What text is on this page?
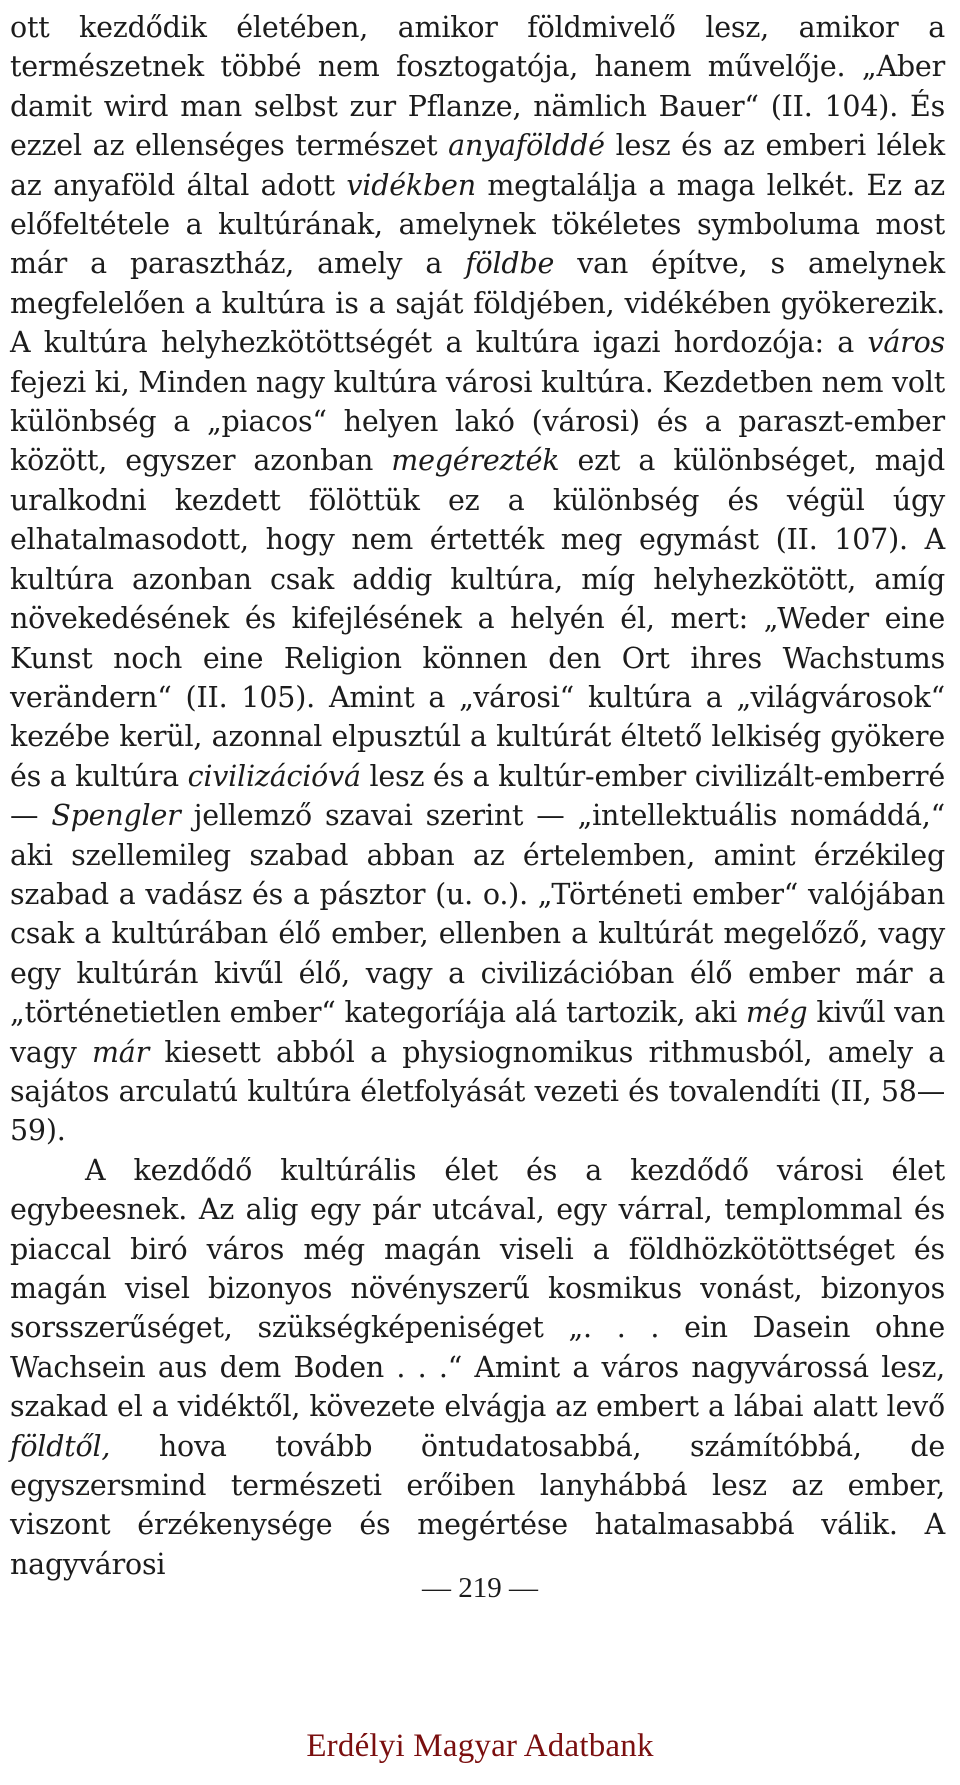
ott kezdődik életében, amikor földmivelő lesz, amikor a természetnek többé nem fosztogatója, hanem művelője. „Aber damit wird man selbst zur Pflanze, nämlich Bauer“ (II. 104). És ezzel az ellenséges természet anyafölddé lesz és az emberi lélek az anyaföld által adott vidékben megtalálja a maga lelkét. Ez az előfeltétele a kultúrának, amelynek tökéletes symboluma most már a parasztház, amely a földbe van építve, s amelynek megfelelően a kultúra is a saját földjében, vidékében gyökerezik. A kultúra helyhezkötöttségét a kultúra igazi hordozója: a város fejezi ki, Minden nagy kultúra városi kultúra. Kezdetben nem volt különbség a „piacos“ helyen lakó (városi) és a paraszt-ember között, egyszer azonban megérezték ezt a különbséget, majd uralkodni kezdett fölöttük ez a különbség és végül úgy elhatalmasodott, hogy nem értették meg egymást (II. 107). A kultúra azonban csak addig kultúra, míg helyhezkötött, amíg növekedésének és kifejlésének a helyén él, mert: „Weder eine Kunst noch eine Religion können den Ort ihres Wachstums verändern“ (II. 105). Amint a „városi“ kultúra a „világvárosok“ kezébe kerül, azonnal elpusztúl a kultúrát éltető lelkiség gyökere és a kultúra civilizációvá lesz és a kultúr-ember civilizált-emberré — Spengler jellemző szavai szerint — „intellektuális nomáddá,“ aki szellemileg szabad abban az értelemben, amint érzékileg szabad a vadász és a pásztor (u. o.). „Történeti ember“ valójában csak a kultúrában élő ember, ellenben a kultúrát megelőző, vagy egy kultúrán kivűl élő, vagy a civilizációban élő ember már a „történetietlen ember“ kategoríája alá tartozik, aki még kivűl van vagy már kiesett abból a physiognomikus rithmusból, amely a sajátos arculatú kultúra életfolyását vezeti és tovalendíti (II, 58—59).

A kezdődő kultúrális élet és a kezdődő városi élet egybeesnek. Az alig egy pár utcával, egy várral, templommal és piaccal biró város még magán viseli a földhözkötöttséget és magán visel bizonyos növényszerű kosmikus vonást, bizonyos sorsszerűséget, szükségképeniséget „. . . ein Dasein ohne Wachsein aus dem Boden . . .“ Amint a város nagyvárossá lesz, szakad el a vidéktől, kövezete elvágja az embert a lábai alatt levő földtől, hova tovább öntudatosabbá, számítóbbá, de egyszersmind természeti erőiben lanyhábbá lesz az ember, viszont érzékenysége és megértése hatalmasabbá válik. A nagyvárosi

— 219 —
Erdélyi Magyar Adatbank
